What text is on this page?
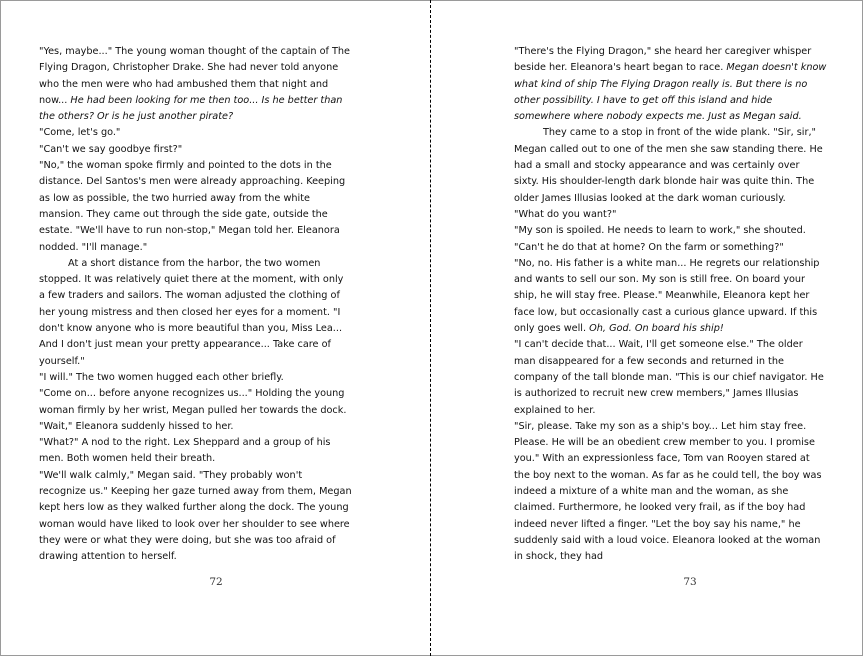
"Yes, maybe..." The young woman thought of the captain of The Flying Dragon, Christopher Drake. She had never told anyone who the men were who had ambushed them that night and now... He had been looking for me then too... Is he better than the others? Or is he just another pirate?

"Come, let's go."

"Can't we say goodbye first?"

"No," the woman spoke firmly and pointed to the dots in the distance. Del Santos's men were already approaching. Keeping as low as possible, the two hurried away from the white mansion. They came out through the side gate, outside the estate. "We'll have to run non-stop," Megan told her. Eleanora nodded. "I'll manage."

At a short distance from the harbor, the two women stopped. It was relatively quiet there at the moment, with only a few traders and sailors. The woman adjusted the clothing of her young mistress and then closed her eyes for a moment. "I don't know anyone who is more beautiful than you, Miss Lea... And I don't just mean your pretty appearance... Take care of yourself."

"I will." The two women hugged each other briefly.

"Come on... before anyone recognizes us..." Holding the young woman firmly by her wrist, Megan pulled her towards the dock.

"Wait," Eleanora suddenly hissed to her.

"What?" A nod to the right. Lex Sheppard and a group of his men. Both women held their breath.

"We'll walk calmly," Megan said. "They probably won't recognize us." Keeping her gaze turned away from them, Megan kept hers low as they walked further along the dock. The young woman would have liked to look over her shoulder to see where they were or what they were doing, but she was too afraid of drawing attention to herself.

72

"There's the Flying Dragon," she heard her caregiver whisper beside her. Eleanora's heart began to race. Megan doesn't know what kind of ship The Flying Dragon really is. But there is no other possibility. I have to get off this island and hide somewhere where nobody expects me. Just as Megan said.

They came to a stop in front of the wide plank. "Sir, sir," Megan called out to one of the men she saw standing there. He had a small and stocky appearance and was certainly over sixty. His shoulder-length dark blonde hair was quite thin. The older James Illusias looked at the dark woman curiously.

"What do you want?"

"My son is spoiled. He needs to learn to work," she shouted.

"Can't he do that at home? On the farm or something?"

"No, no. His father is a white man... He regrets our relationship and wants to sell our son. My son is still free. On board your ship, he will stay free. Please." Meanwhile, Eleanora kept her face low, but occasionally cast a curious glance upward. If this only goes well. Oh, God. On board his ship!

"I can't decide that... Wait, I'll get someone else." The older man disappeared for a few seconds and returned in the company of the tall blonde man. "This is our chief navigator. He is authorized to recruit new crew members," James Illusias explained to her.

"Sir, please. Take my son as a ship's boy... Let him stay free. Please. He will be an obedient crew member to you. I promise you." With an expressionless face, Tom van Rooyen stared at the boy next to the woman. As far as he could tell, the boy was indeed a mixture of a white man and the woman, as she claimed. Furthermore, he looked very frail, as if the boy had indeed never lifted a finger. "Let the boy say his name," he suddenly said with a loud voice. Eleanora looked at the woman in shock, they had

73
